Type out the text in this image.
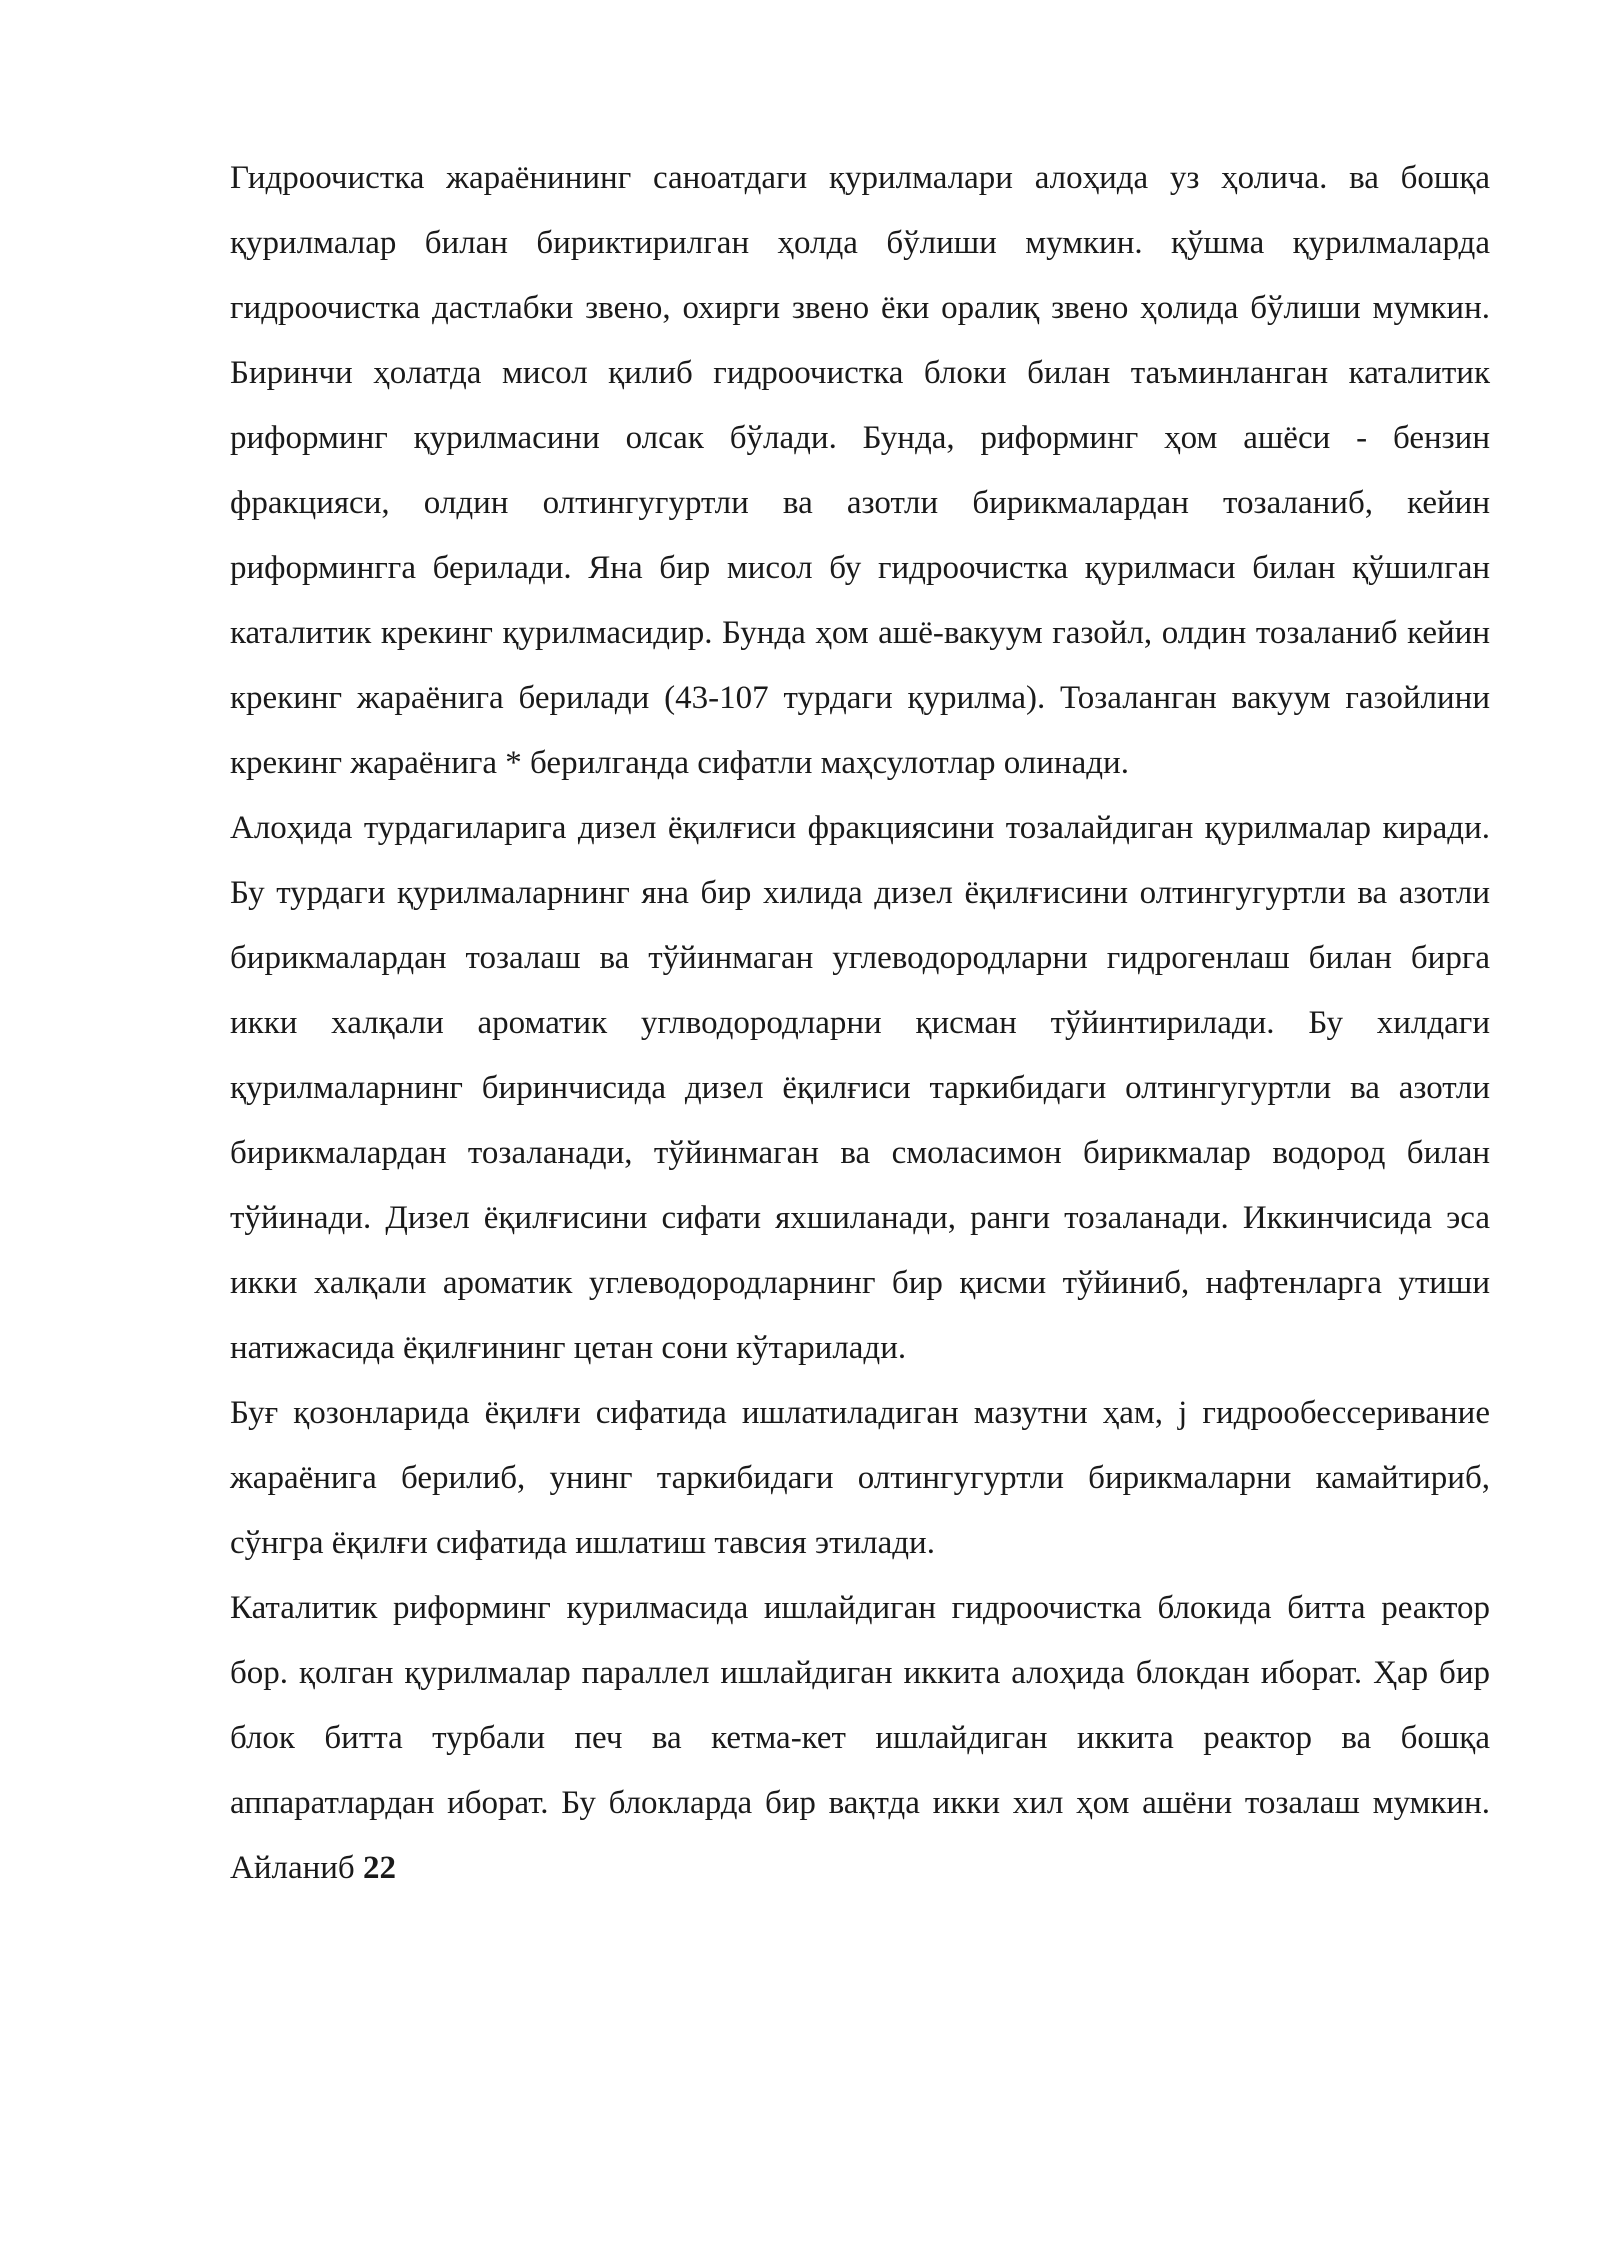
Гидроочистка жараёнининг саноатдаги қурилмалари алоҳида уз ҳолича. ва бошқа қурилмалар билан бириктирилган ҳолда бўлиши мумкин. қўшма қурилмаларда гидроочистка дастлабки звено, охирги звено ёки оралиқ звено ҳолида бўлиши мумкин. Биринчи ҳолатда мисол қилиб гидроочистка блоки билан таъминланган каталитик риформинг қурилмасини олсак бўлади. Бунда, риформинг ҳом ашёси - бензин фракцияси, олдин олтингугуртли ва азотли бирикмалардан тозаланиб, кейин риформингга берилади. Яна бир мисол бу гидроочистка қурилмаси билан қўшилган каталитик крекинг қурилмасидир. Бунда ҳом ашё-вакуум газойл, олдин тозаланиб кейин крекинг жараёнига берилади (43-107 турдаги қурилма). Тозаланган вакуум газойлини крекинг жараёнига * берилганда сифатли маҳсулотлар олинади.

Алоҳида турдагиларига дизел ёқилғиси фракциясини тозалайдиган қурилмалар киради. Бу турдаги қурилмаларнинг яна бир хилида дизел ёқилғисини олтингугуртли ва азотли бирикмалардан тозалаш ва тўйинмаган углеводородларни гидрогенлаш билан бирга икки халқали ароматик углводородларни қисман тўйинтирилади. Бу хилдаги қурилмаларнинг биринчисида дизел ёқилғиси таркибидаги олтингугуртли ва азотли бирикмалардан тозаланади, тўйинмаган ва смоласимон бирикмалар водород билан тўйинади. Дизел ёқилғисини сифати яхшиланади, ранги тозаланади. Иккинчисида эса икки халқали ароматик углеводородларнинг бир қисми тўйиниб, нафтенларга утиши натижасида ёқилғининг цетан сони кўтарилади.

Буғ қозонларида ёқилғи сифатида ишлатиладиган мазутни ҳам, j гидрообессеривание жараёнига берилиб, унинг таркибидаги олтингугуртли бирикмаларни камайтириб, сўнгра ёқилғи сифатида ишлатиш тавсия этилади.

Каталитик риформинг курилмасида ишлайдиган гидроочистка блокида битта реактор бор. қолган қурилмалар параллел ишлайдиган иккита алоҳида блокдан иборат. Ҳар бир блок битта турбали печ ва кетма-кет ишлайдиган иккита реактор ва бошқа аппаратлардан иборат. Бу блокларда бир вақтда икки хил ҳом ашёни тозалаш мумкин. Айланиб 22
